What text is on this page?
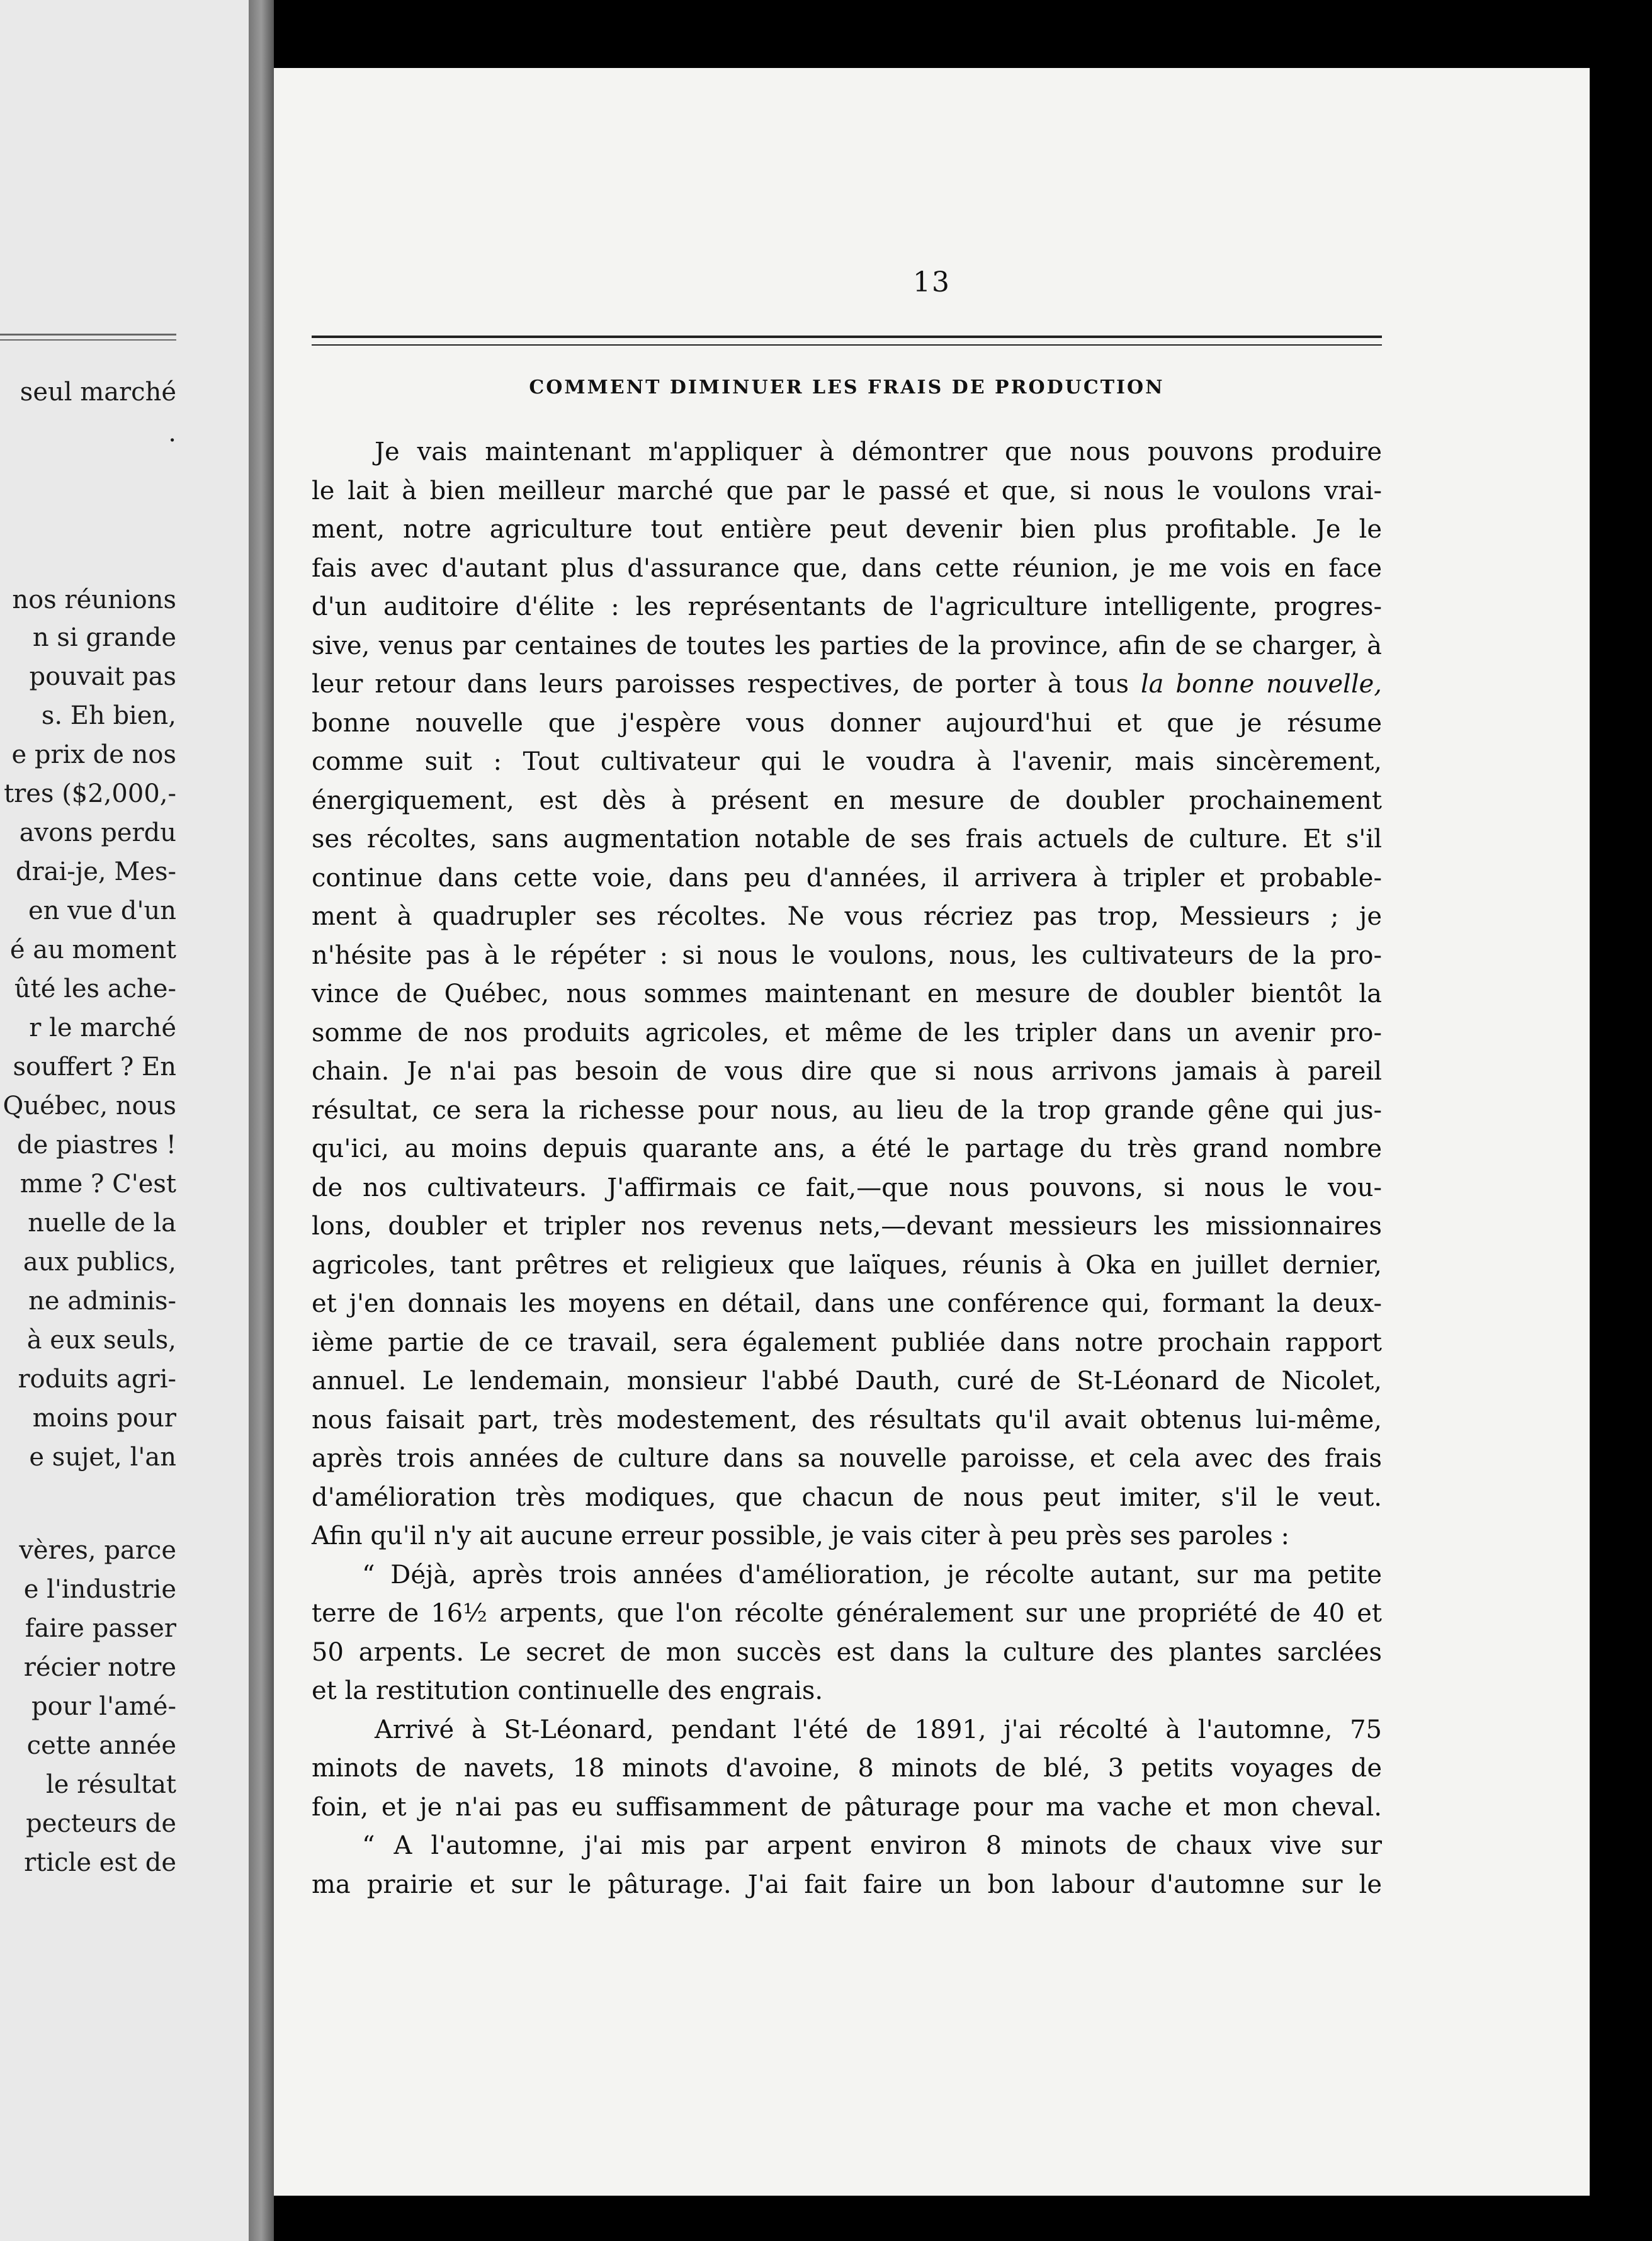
seul marché
.
nos réunions
n si grande
pouvait pas
s. Eh bien,
e prix de nos
tres ($2,000,-
avons perdu
drai-je, Mes-
en vue d'un
é au moment
ûté les ache-
r le marché
souffert ? En
Québec, nous
de piastres !
mme ? C'est
nuelle de la
aux publics,
ne adminis-
à eux seuls,
roduits agri-
moins pour
e sujet, l'an
vères, parce
e l'industrie
faire passer
récier notre
pour l'amé-
cette année
le résultat
pecteurs de
rticle est de
13
COMMENT DIMINUER LES FRAIS DE PRODUCTION
Je vais maintenant m'appliquer à démontrer que nous pouvons produire
le lait à bien meilleur marché que par le passé et que, si nous le voulons vrai-
ment, notre agriculture tout entière peut devenir bien plus profitable. Je le
fais avec d'autant plus d'assurance que, dans cette réunion, je me vois en face
d'un auditoire d'élite : les représentants de l'agriculture intelligente, progres-
sive, venus par centaines de toutes les parties de la province, afin de se charger, à
leur retour dans leurs paroisses respectives, de porter à tous la bonne nouvelle,
bonne nouvelle que j'espère vous donner aujourd'hui et que je résume
comme suit : Tout cultivateur qui le voudra à l'avenir, mais sincèrement,
énergiquement, est dès à présent en mesure de doubler prochainement
ses récoltes, sans augmentation notable de ses frais actuels de culture. Et s'il
continue dans cette voie, dans peu d'années, il arrivera à tripler et probable-
ment à quadrupler ses récoltes. Ne vous récriez pas trop, Messieurs ; je
n'hésite pas à le répéter : si nous le voulons, nous, les cultivateurs de la pro-
vince de Québec, nous sommes maintenant en mesure de doubler bientôt la
somme de nos produits agricoles, et même de les tripler dans un avenir pro-
chain. Je n'ai pas besoin de vous dire que si nous arrivons jamais à pareil
résultat, ce sera la richesse pour nous, au lieu de la trop grande gêne qui jus-
qu'ici, au moins depuis quarante ans, a été le partage du très grand nombre
de nos cultivateurs. J'affirmais ce fait,—que nous pouvons, si nous le vou-
lons, doubler et tripler nos revenus nets,—devant messieurs les missionnaires
agricoles, tant prêtres et religieux que laïques, réunis à Oka en juillet dernier,
et j'en donnais les moyens en détail, dans une conférence qui, formant la deux-
ième partie de ce travail, sera également publiée dans notre prochain rapport
annuel. Le lendemain, monsieur l'abbé Dauth, curé de St-Léonard de Nicolet,
nous faisait part, très modestement, des résultats qu'il avait obtenus lui-même,
après trois années de culture dans sa nouvelle paroisse, et cela avec des frais
d'amélioration très modiques, que chacun de nous peut imiter, s'il le veut.
Afin qu'il n'y ait aucune erreur possible, je vais citer à peu près ses paroles :
“ Déjà, après trois années d'amélioration, je récolte autant, sur ma petite
terre de 16½ arpents, que l'on récolte généralement sur une propriété de 40 et
50 arpents. Le secret de mon succès est dans la culture des plantes sarclées
et la restitution continuelle des engrais.
Arrivé à St-Léonard, pendant l'été de 1891, j'ai récolté à l'automne, 75
minots de navets, 18 minots d'avoine, 8 minots de blé, 3 petits voyages de
foin, et je n'ai pas eu suffisamment de pâturage pour ma vache et mon cheval.
“ A l'automne, j'ai mis par arpent environ 8 minots de chaux vive sur
ma prairie et sur le pâturage. J'ai fait faire un bon labour d'automne sur le
